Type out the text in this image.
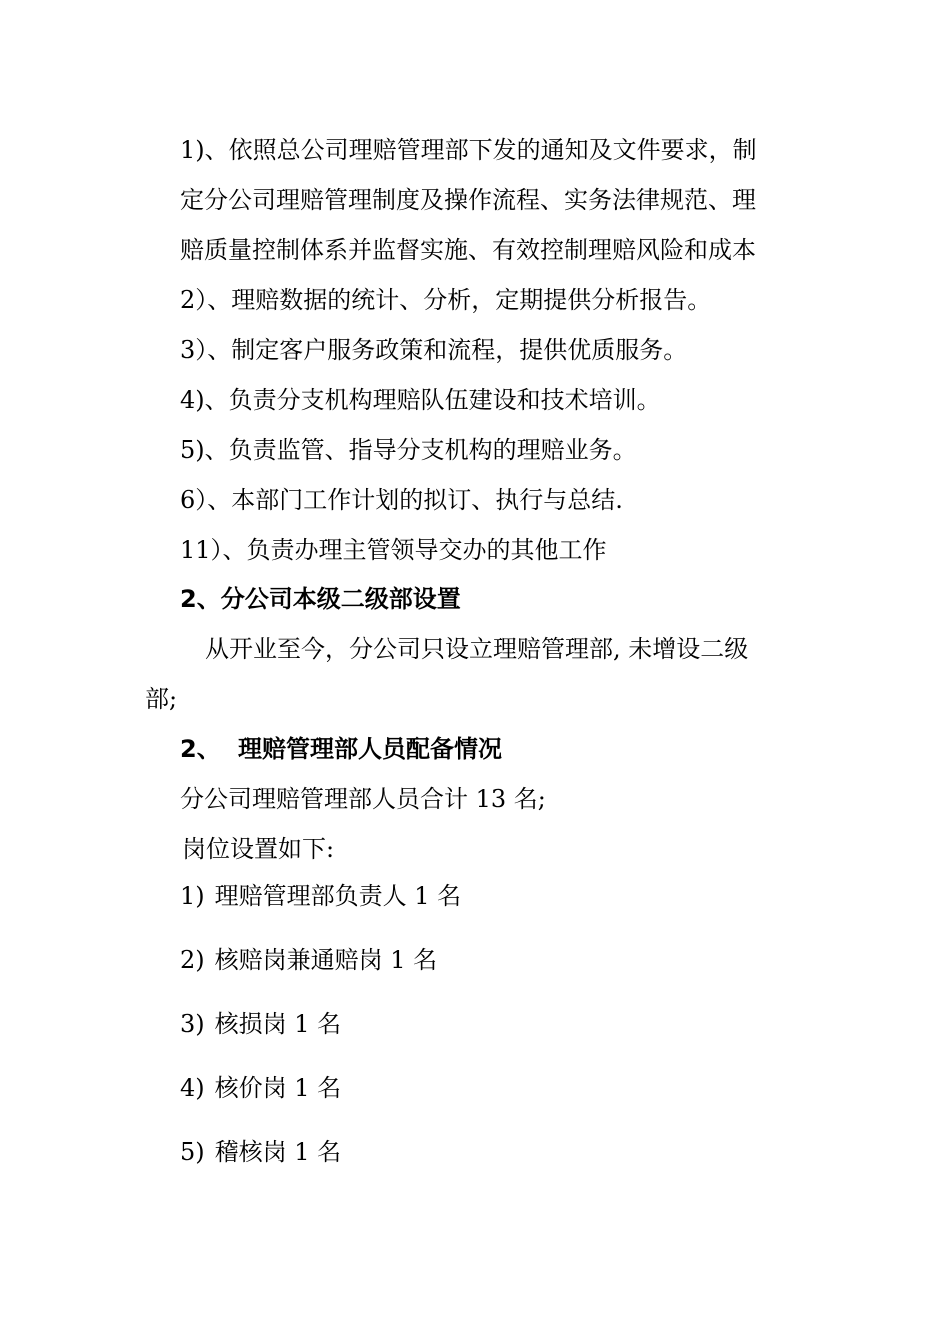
1)、依照总公司理赔管理部下发的通知及文件要求，制

定分公司理赔管理制度及操作流程、实务法律规范、理

赔质量控制体系并监督实施、有效控制理赔风险和成本

2）、理赔数据的统计、分析，定期提供分析报告。

3）、制定客户服务政策和流程，提供优质服务。

4)、负责分支机构理赔队伍建设和技术培训。

5)、负责监管、指导分支机构的理赔业务。

6）、本部门工作计划的拟订、执行与总结.

11）、负责办理主管领导交办的其他工作

2、分公司本级二级部设置

从开业至今，分公司只设立理赔管理部, 未增设二级

部;

2、 理赔管理部人员配备情况

分公司理赔管理部人员合计 13 名;

岗位设置如下:

1) 理赔管理部负责人 1 名

2) 核赔岗兼通赔岗 1 名

3) 核损岗 1 名

4) 核价岗 1 名

5) 稽核岗 1 名
